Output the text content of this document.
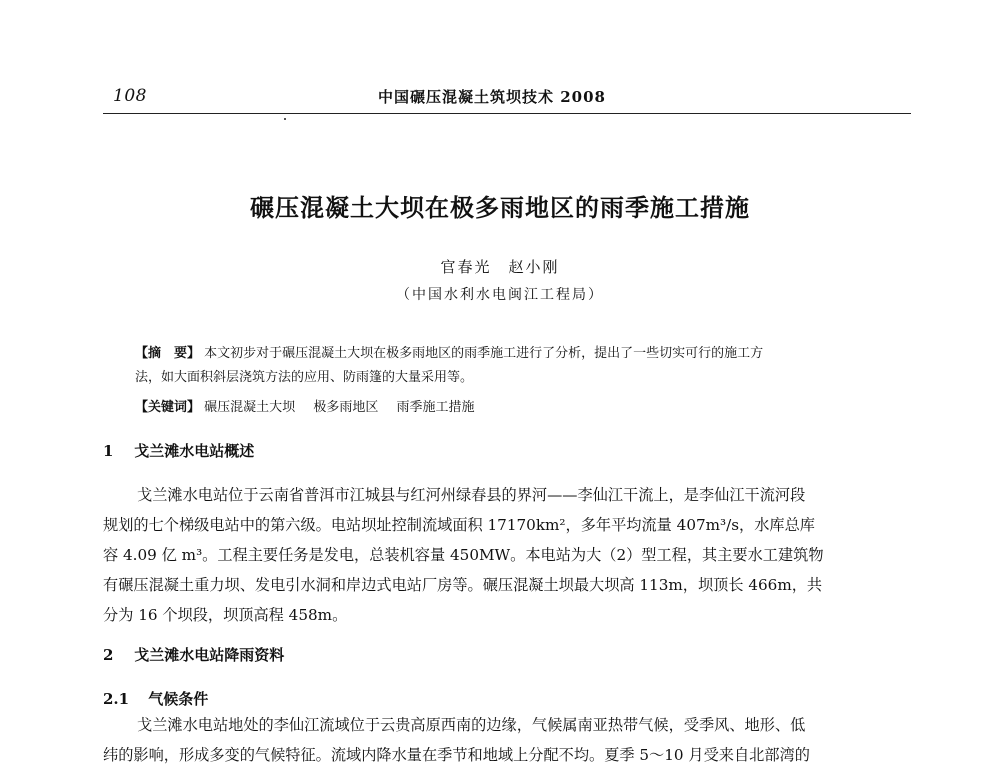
108	中国碾压混凝土筑坝技术 2008
碾压混凝土大坝在极多雨地区的雨季施工措施
官春光　赵小刚
（中国水利水电闽江工程局）
【摘　要】 本文初步对于碾压混凝土大坝在极多雨地区的雨季施工进行了分析，提出了一些切实可行的施工方
法，如大面积斜层浇筑方法的应用、防雨篷的大量采用等。
【关键词】 碾压混凝土大坝 极多雨地区 雨季施工措施
1 戈兰滩水电站概述
戈兰滩水电站位于云南省普洱市江城县与红河州绿春县的界河——李仙江干流上，是李仙江干流河段
规划的七个梯级电站中的第六级。电站坝址控制流域面积 17170km²，多年平均流量 407m³/s，水库总库
容 4.09 亿 m³。工程主要任务是发电，总装机容量 450MW。本电站为大（2）型工程，其主要水工建筑物
有碾压混凝土重力坝、发电引水洞和岸边式电站厂房等。碾压混凝土坝最大坝高 113m，坝顶长 466m，共
分为 16 个坝段，坝顶高程 458m。
2 戈兰滩水电站降雨资料
2.1 气候条件
戈兰滩水电站地处的李仙江流域位于云贵高原西南的边缘，气候属南亚热带气候，受季风、地形、低
纬的影响，形成多变的气候特征。流域内降水量在季节和地域上分配不均。夏季 5～10 月受来自北部湾的
